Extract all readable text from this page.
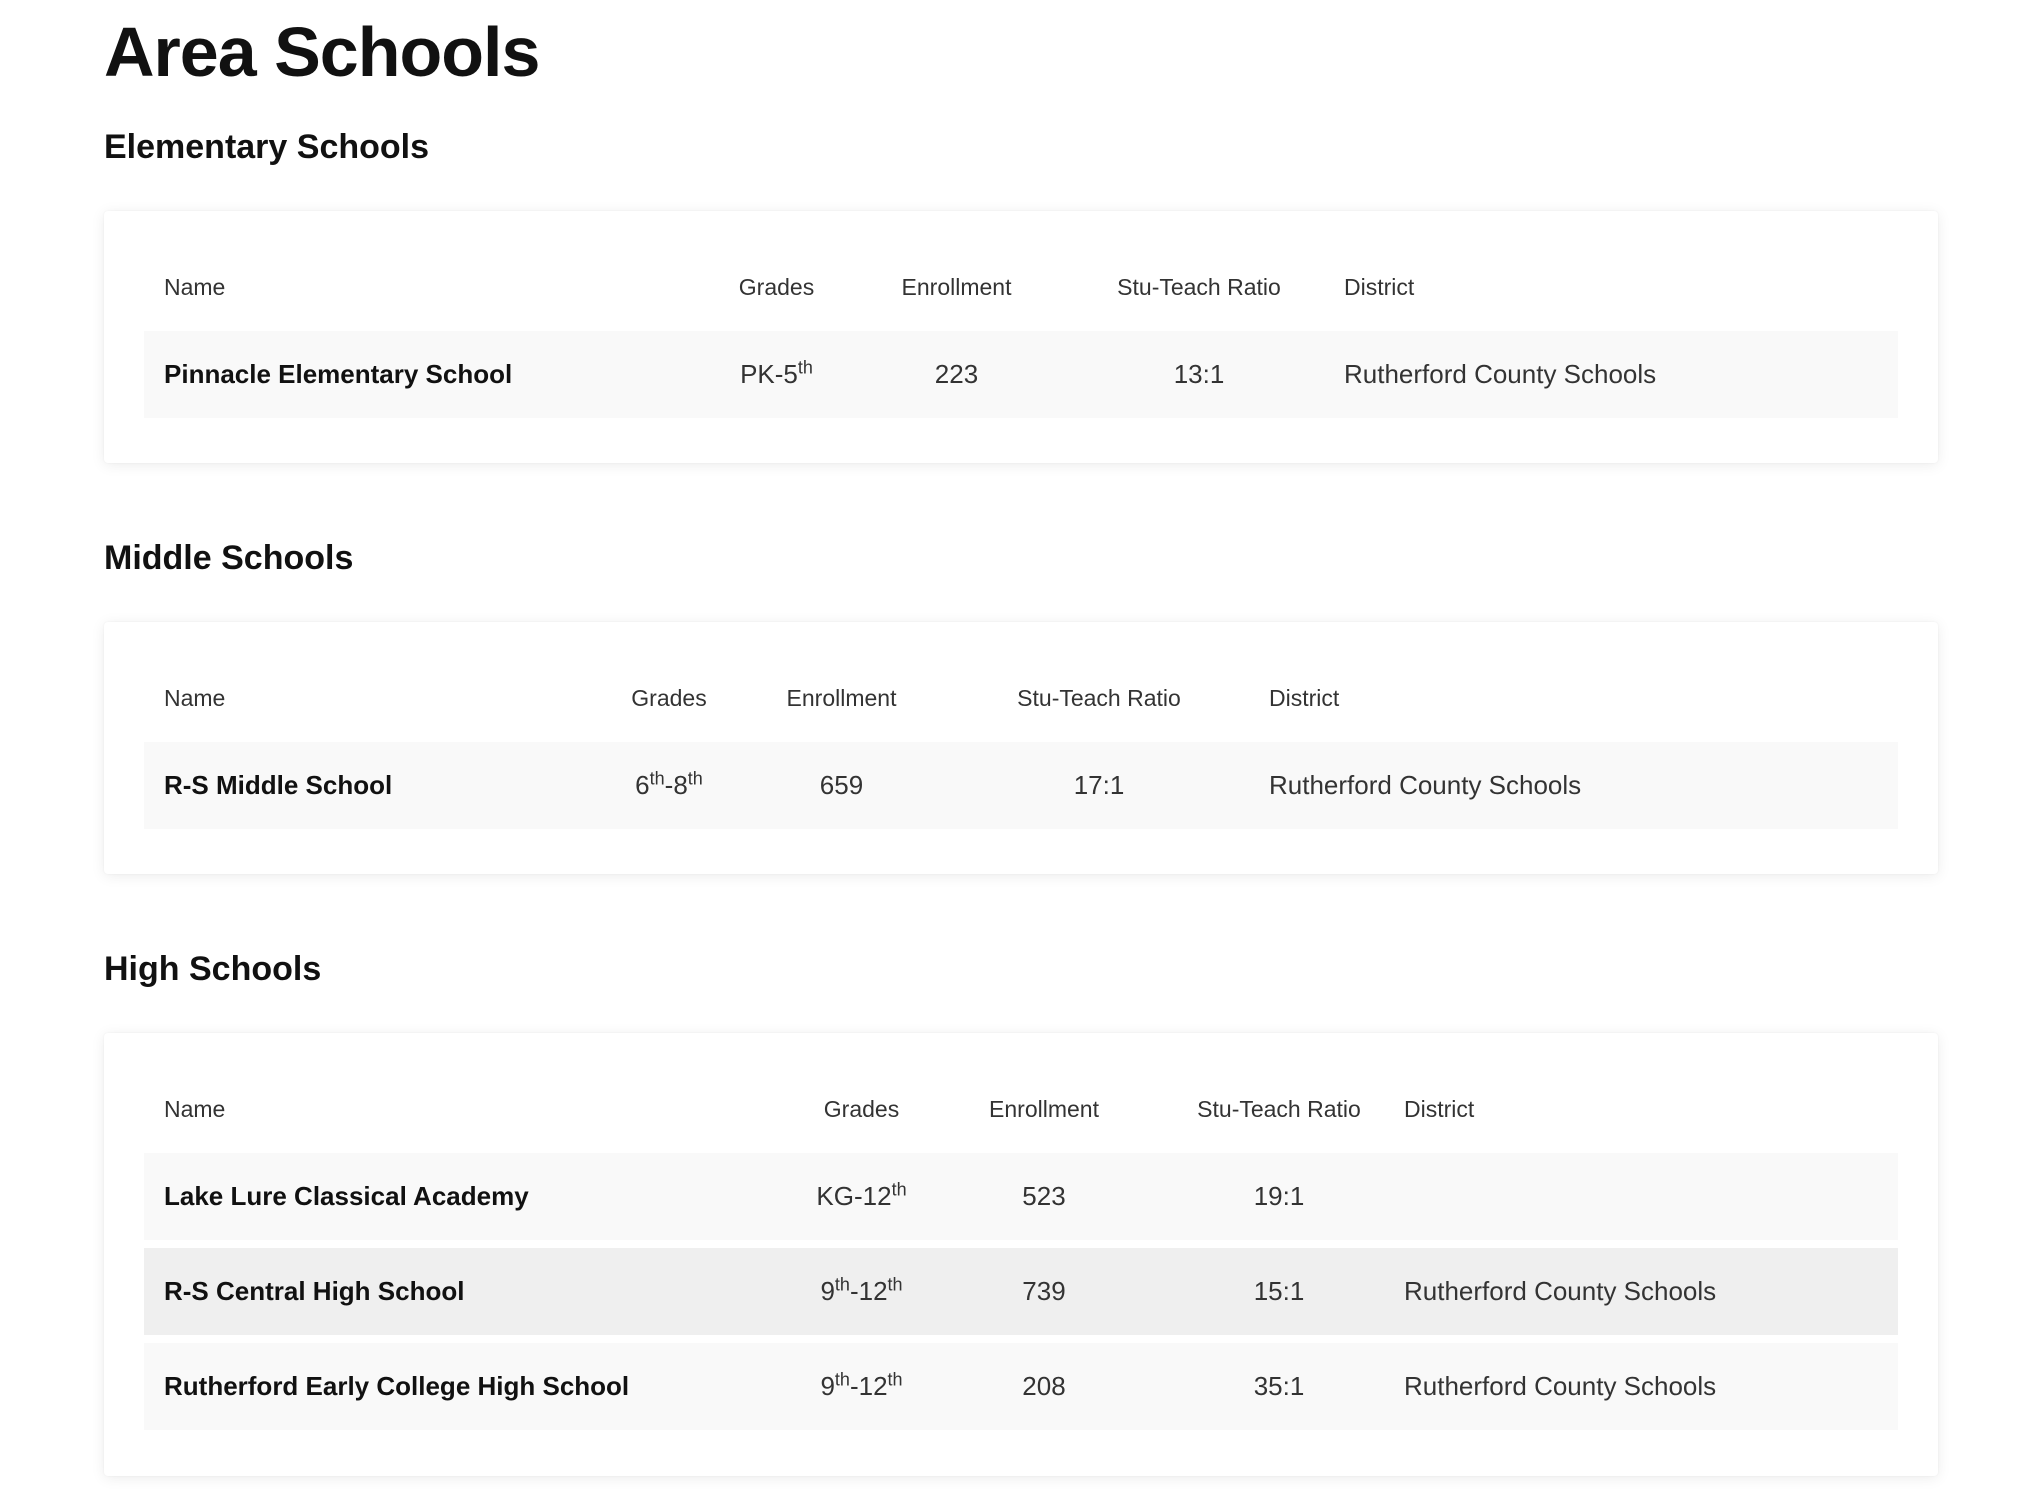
Area Schools
Elementary Schools
Name	Grades	Enrollment	Stu-Teach Ratio	District
Pinnacle Elementary School	PK-5th	223	13:1	Rutherford County Schools
Middle Schools
Name	Grades	Enrollment	Stu-Teach Ratio	District
R-S Middle School	6th-8th	659	17:1	Rutherford County Schools
High Schools
Name	Grades	Enrollment	Stu-Teach Ratio	District
Lake Lure Classical Academy	KG-12th	523	19:1	
R-S Central High School	9th-12th	739	15:1	Rutherford County Schools
Rutherford Early College High School	9th-12th	208	35:1	Rutherford County Schools
